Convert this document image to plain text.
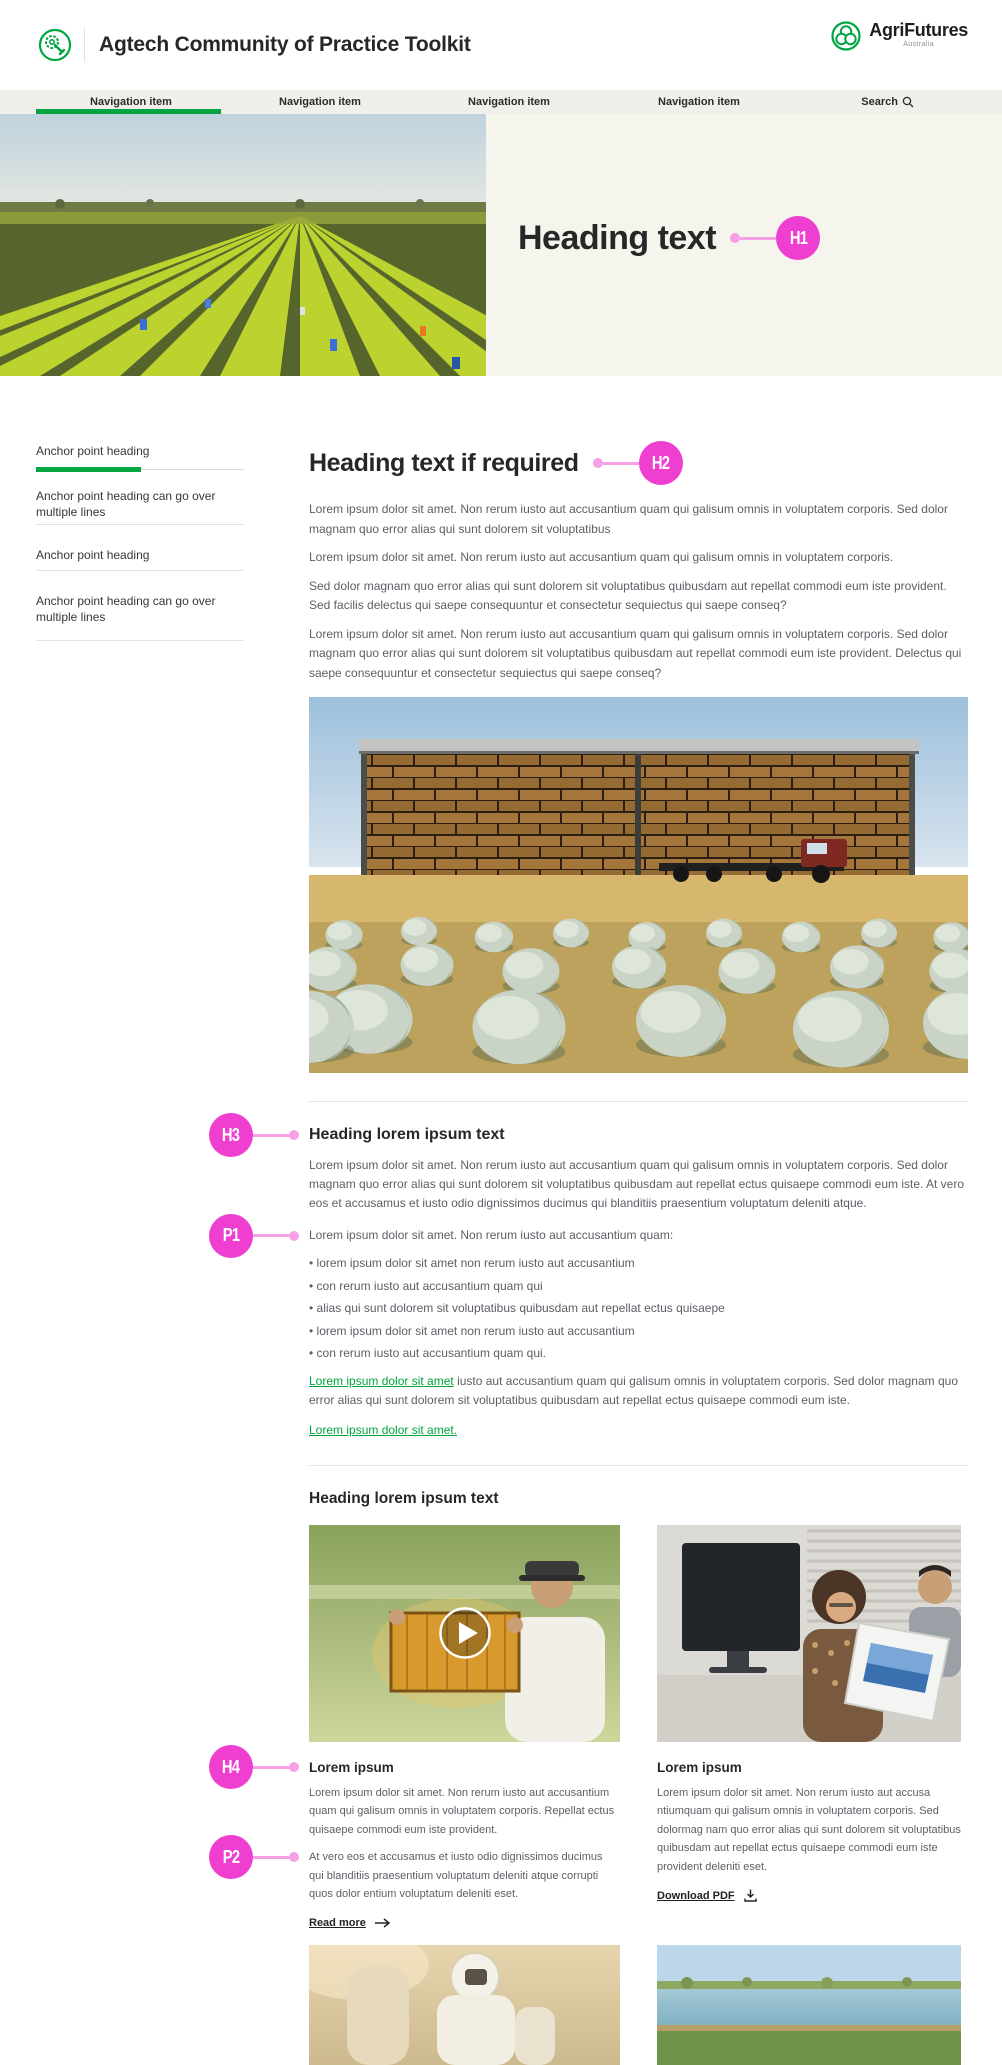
Agtech Community of Practice Toolkit
AgriFutures
Australia
Navigation item	Navigation item	Navigation item	Navigation item	Search
Heading text	H1
Anchor point heading
Anchor point heading can go over multiple lines
Anchor point heading
Anchor point heading can go over multiple lines
Heading text if required	H2

Lorem ipsum dolor sit amet. Non rerum iusto aut accusantium quam qui galisum omnis in voluptatem corporis. Sed dolor magnam quo error alias qui sunt dolorem sit voluptatibus

Lorem ipsum dolor sit amet. Non rerum iusto aut accusantium quam qui galisum omnis in voluptatem corporis.

Sed dolor magnam quo error alias qui sunt dolorem sit voluptatibus quibusdam aut repellat commodi eum iste provident. Sed facilis delectus qui saepe consequuntur et consectetur sequiectus qui saepe conseq?

Lorem ipsum dolor sit amet. Non rerum iusto aut accusantium quam qui galisum omnis in voluptatem corporis. Sed dolor magnam quo error alias qui sunt dolorem sit voluptatibus quibusdam aut repellat commodi eum iste provident. Delectus qui saepe consequuntur et consectetur sequiectus qui saepe conseq?

H3	Heading lorem ipsum text

Lorem ipsum dolor sit amet. Non rerum iusto aut accusantium quam qui galisum omnis in voluptatem corporis. Sed dolor magnam quo error alias qui sunt dolorem sit voluptatibus quibusdam aut repellat ectus quisaepe commodi eum iste. At vero eos et accusamus et iusto odio dignissimos ducimus qui blanditiis praesentium voluptatum deleniti atque.

P1	Lorem ipsum dolor sit amet. Non rerum iusto aut accusantium quam:

• lorem ipsum dolor sit amet non rerum iusto aut accusantium
• con rerum iusto aut accusantium quam qui
• alias qui sunt dolorem sit voluptatibus quibusdam aut repellat ectus quisaepe
• lorem ipsum dolor sit amet non rerum iusto aut accusantium
• con rerum iusto aut accusantium quam qui.

Lorem ipsum dolor sit amet iusto aut accusantium quam qui galisum omnis in voluptatem corporis. Sed dolor magnam quo error alias qui sunt dolorem sit voluptatibus quibusdam aut repellat ectus quisaepe commodi eum iste.

Lorem ipsum dolor sit amet.

Heading lorem ipsum text
H4	Lorem ipsum

Lorem ipsum dolor sit amet. Non rerum iusto aut accusantium quam qui galisum omnis in voluptatem corporis. Repellat ectus quisaepe commodi eum iste provident.

P2	At vero eos et accusamus et iusto odio dignissimos ducimus qui blanditiis praesentium voluptatum deleniti atque corrupti quos dolor entium voluptatum deleniti eset.

Read more
Lorem ipsum

Lorem ipsum dolor sit amet. Non rerum iusto aut accusa ntiumquam qui galisum omnis in voluptatem corporis. Sed dolormag nam quo error alias qui sunt dolorem sit voluptatibus quibusdam aut repellat ectus quisaepe commodi eum iste provident deleniti eset.

Download PDF
